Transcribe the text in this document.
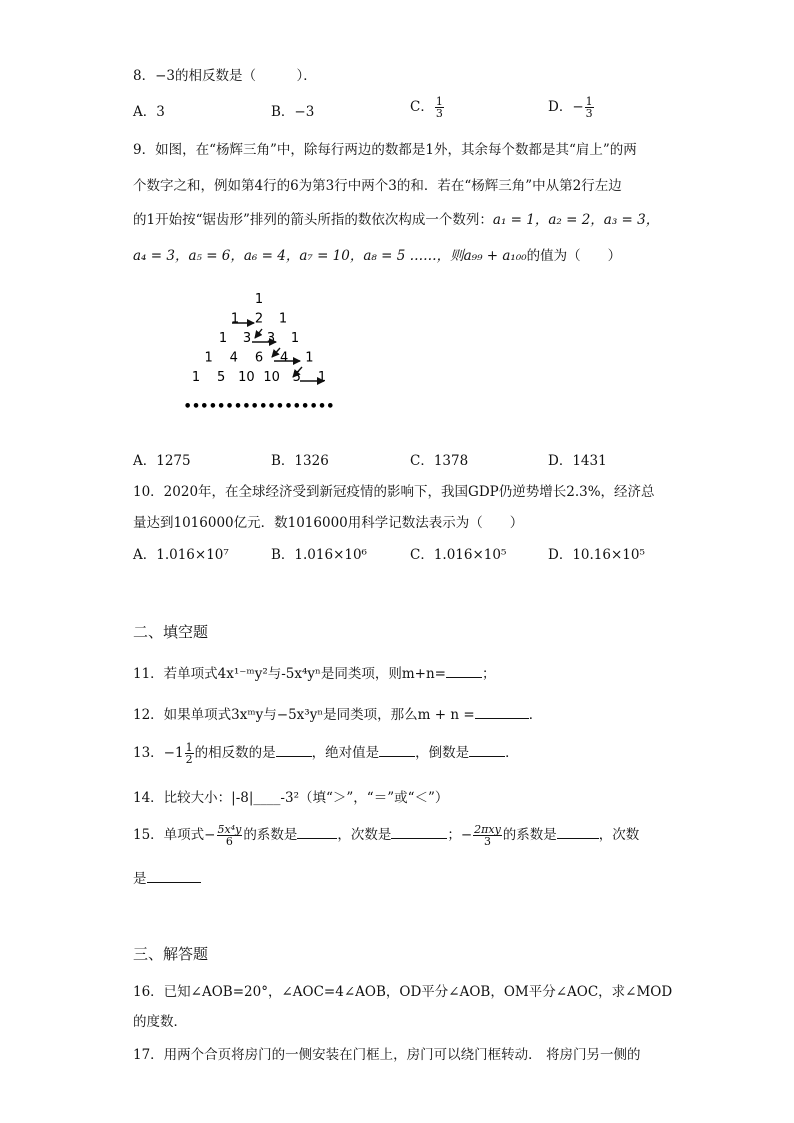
8．−3的相反数是（　　　）．
A．3	B．−3	C． $\frac{1}{3}$	D．− $\frac{1}{3}$
9．如图，在“杨辉三角”中，除每行两边的数都是1外，其余每个数都是其“肩上”的两
个数字之和，例如第4行的6为第3行中两个3的和．若在“杨辉三角”中从第2行左边
的1开始按“锯齿形”排列的箭头所指的数依次构成一个数列：a₁ = 1，a₂ = 2，a₃ = 3，
a₄ = 3，a₅ = 6，a₆ = 4，a₇ = 10，a₈ = 5 ……，则a₉₉ + a₁₀₀的值为（　　）
1
1 2 1
1 3 3 1
1 4 6 4 1
1 5 10 10 5 1
••• ••• ••• ••• ••• •••
A．1275	B．1326	C．1378	D．1431
10．2020年，在全球经济受到新冠疫情的影响下，我国GDP仍逆势增长2.3%，经济总
量达到1016000亿元．数1016000用科学记数法表示为（　　）
A．1.016×10⁷	B．1.016×10⁶	C．1.016×10⁵	D．10.16×10⁵
二、填空题
11．若单项式4x¹⁻ᵐy²与-5x⁴yⁿ是同类项，则m+n=	；
12．如果单项式3xᵐy与−5x³yⁿ是同类项，那么m + n =	．
13．$-1 \frac{1}{2}$ 的相反数的是	，绝对值是	，倒数是	．
14．比较大小：|-8|____-3²（填“＞”，“＝”或“＜”）
15．单项式− $\frac{\text{5x⁴y}}{6}$ 的系数是	，次数是	；− $\frac{\text{2πxy}}{3}$ 的系数是	，次数
是
三、解答题
16．已知∠AOB=20°，∠AOC=4∠AOB，OD平分∠AOB，OM平分∠AOC，求∠MOD
的度数．
17．用两个合页将房门的一侧安装在门框上，房门可以绕门框转动． 将房门另一侧的
